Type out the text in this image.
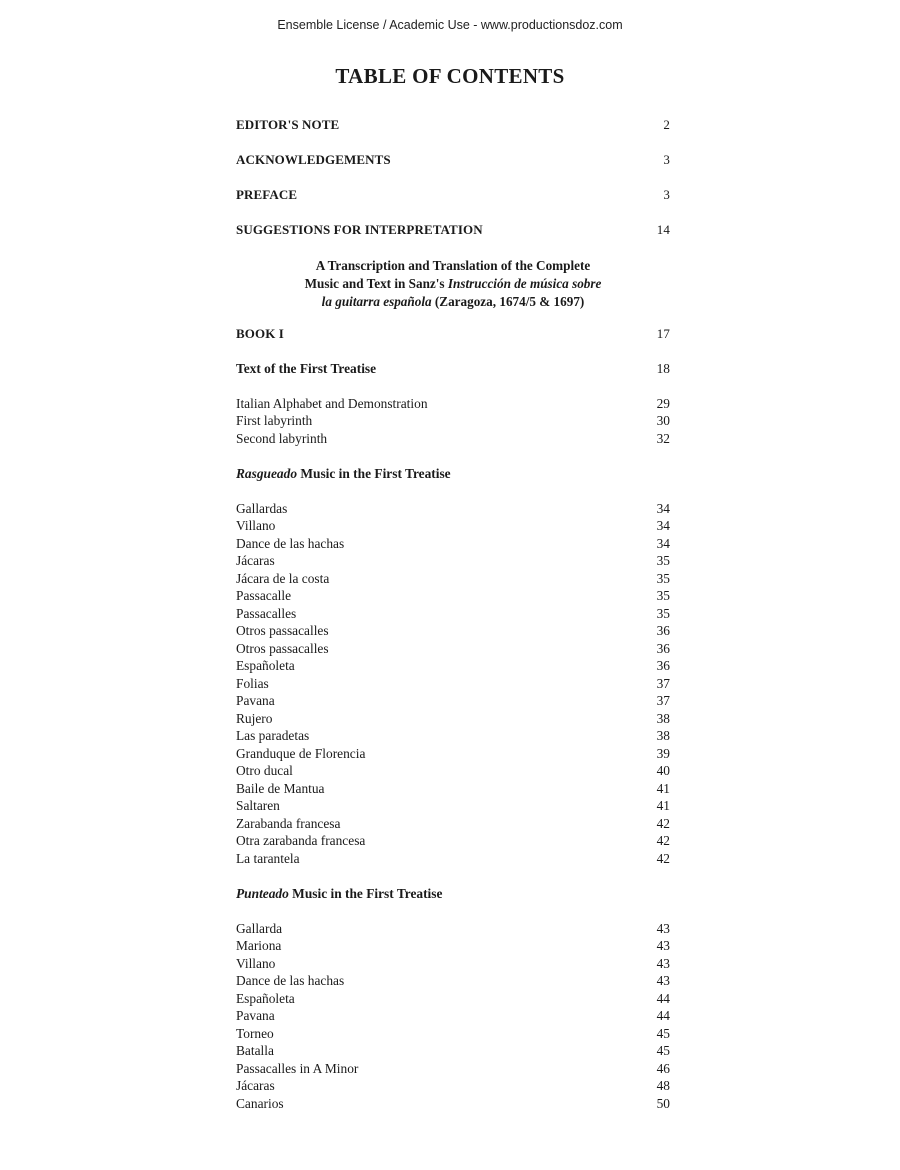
Ensemble License / Academic Use - www.productionsdoz.com
TABLE OF CONTENTS
EDITOR'S NOTE	2
ACKNOWLEDGEMENTS	3
PREFACE	3
SUGGESTIONS FOR INTERPRETATION	14
A Transcription and Translation of the Complete
Music and Text in Sanz's Instrucción de música sobre
la guitarra española (Zaragoza, 1674/5 & 1697)
BOOK I	17
Text of the First Treatise	18
Italian Alphabet and Demonstration	29
First labyrinth	30
Second labyrinth	32
Rasgueado Music in the First Treatise
Gallardas	34
Villano	34
Dance de las hachas	34
Jácaras	35
Jácara de la costa	35
Passacalle	35
Passacalles	35
Otros passacalles	36
Otros passacalles	36
Españoleta	36
Folias	37
Pavana	37
Rujero	38
Las paradetas	38
Granduque de Florencia	39
Otro ducal	40
Baile de Mantua	41
Saltaren	41
Zarabanda francesa	42
Otra zarabanda francesa	42
La tarantela	42
Punteado Music in the First Treatise
Gallarda	43
Mariona	43
Villano	43
Dance de las hachas	43
Españoleta	44
Pavana	44
Torneo	45
Batalla	45
Passacalles in A Minor	46
Jácaras	48
Canarios	50
